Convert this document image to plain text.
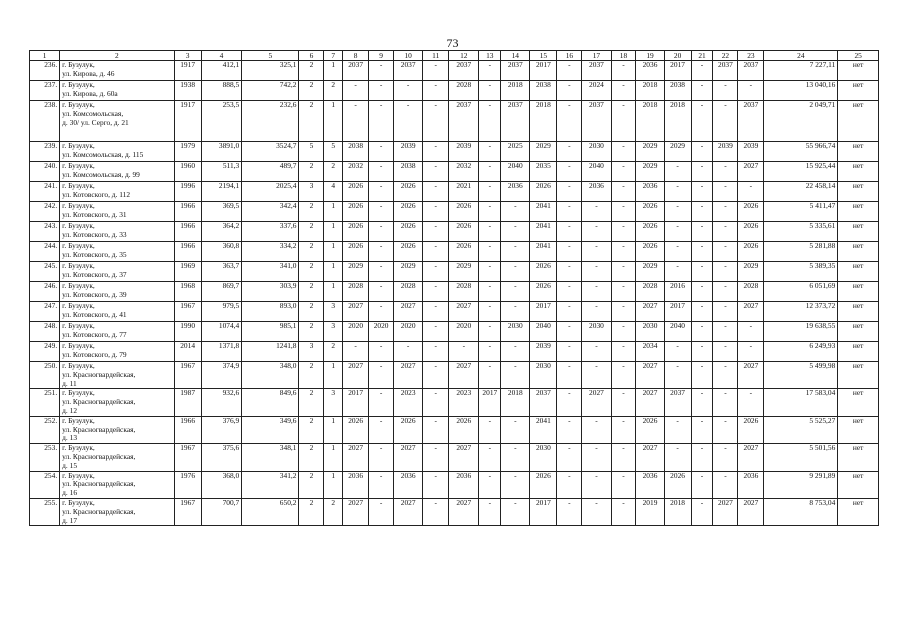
73
1	2	3	4	5	6	7	8	9	10	11	12	13	14	15	16	17	18	19	20	21	22	23	24	25
236.	г. Бузулук,
ул. Кирова, д. 46	1917	412,1	325,1	2	1	2037	-	2037	-	2037	-	2037	2017	-	2037	-	2036	2017	-	2037	2037	7 227,11	нет
237.	г. Бузулук,
ул. Кирова, д. 60а	1938	888,5	742,2	2	2	-	-	-	-	2028	-	2018	2038	-	2024	-	2018	2038	-	-	-	13 040,16	нет
238.	г. Бузулук,
ул. Комсомольская,
д. 30/ ул. Серго, д. 21	1917	253,5	232,6	2	1	-	-	-	-	2037	-	2037	2018	-	2037	-	2018	2018	-	-	2037	2 049,71	нет
239.	г. Бузулук,
ул. Комсомольская, д. 115	1979	3891,0	3524,7	5	5	2038	-	2039	-	2039	-	2025	2029	-	2030	-	2029	2029	-	2039	2039	55 966,74	нет
240.	г. Бузулук,
ул. Комсомольская, д. 99	1960	511,3	489,7	2	2	2032	-	2038	-	2032	-	2040	2035	-	2040	-	2029	-	-	-	2027	15 925,44	нет
241.	г. Бузулук,
ул. Котовского, д. 112	1996	2194,1	2025,4	3	4	2026	-	2026	-	2021	-	2036	2026	-	2036	-	2036	-	-	-	-	22 458,14	нет
242.	г. Бузулук,
ул. Котовского, д. 31	1966	369,5	342,4	2	1	2026	-	2026	-	2026	-	-	2041	-	-	-	2026	-	-	-	2026	5 411,47	нет
243.	г. Бузулук,
ул. Котовского, д. 33	1966	364,2	337,6	2	1	2026	-	2026	-	2026	-	-	2041	-	-	-	2026	-	-	-	2026	5 335,61	нет
244.	г. Бузулук,
ул. Котовского, д. 35	1966	360,8	334,2	2	1	2026	-	2026	-	2026	-	-	2041	-	-	-	2026	-	-	-	2026	5 281,88	нет
245.	г. Бузулук,
ул. Котовского, д. 37	1969	363,7	341,0	2	1	2029	-	2029	-	2029	-	-	2026	-	-	-	2029	-	-	-	2029	5 389,35	нет
246.	г. Бузулук,
ул. Котовского, д. 39	1968	869,7	303,9	2	1	2028	-	2028	-	2028	-	-	2026	-	-	-	2028	2016	-	-	2028	6 051,69	нет
247.	г. Бузулук,
ул. Котовского, д. 41	1967	979,5	893,0	2	3	2027	-	2027	-	2027	-	-	2017	-	-	-	2027	2017	-	-	2027	12 373,72	нет
248.	г. Бузулук,
ул. Котовского, д. 77	1990	1074,4	985,1	2	3	2020	2020	2020	-	2020	-	2030	2040	-	2030	-	2030	2040	-	-	-	19 638,55	нет
249.	г. Бузулук,
ул. Котовского, д. 79	2014	1371,8	1241,8	3	2	-	-	-	-	-	-	-	2039	-	-	-	2034	-	-	-	-	6 249,93	нет
250.	г. Бузулук,
ул. Красногвардейская,
д. 11	1967	374,9	348,0	2	1	2027	-	2027	-	2027	-	-	2030	-	-	-	2027	-	-	-	2027	5 499,98	нет
251.	г. Бузулук,
ул. Красногвардейская,
д. 12	1987	932,6	849,6	2	3	2017	-	2023	-	2023	2017	2018	2037	-	2027	-	2027	2037	-	-	-	17 583,04	нет
252.	г. Бузулук,
ул. Красногвардейская,
д. 13	1966	376,9	349,6	2	1	2026	-	2026	-	2026	-	-	2041	-	-	-	2026	-	-	-	2026	5 525,27	нет
253.	г. Бузулук,
ул. Красногвардейская,
д. 15	1967	375,6	348,1	2	1	2027	-	2027	-	2027	-	-	2030	-	-	-	2027	-	-	-	2027	5 501,56	нет
254.	г. Бузулук,
ул. Красногвардейская,
д. 16	1976	368,0	341,2	2	1	2036	-	2036	-	2036	-	-	2026	-	-	-	2036	2026	-	-	2036	9 291,89	нет
255.	г. Бузулук,
ул. Красногвардейская,
д. 17	1967	700,7	650,2	2	2	2027	-	2027	-	2027	-	-	2017	-	-	-	2019	2018	-	2027	2027	8 753,04	нет
